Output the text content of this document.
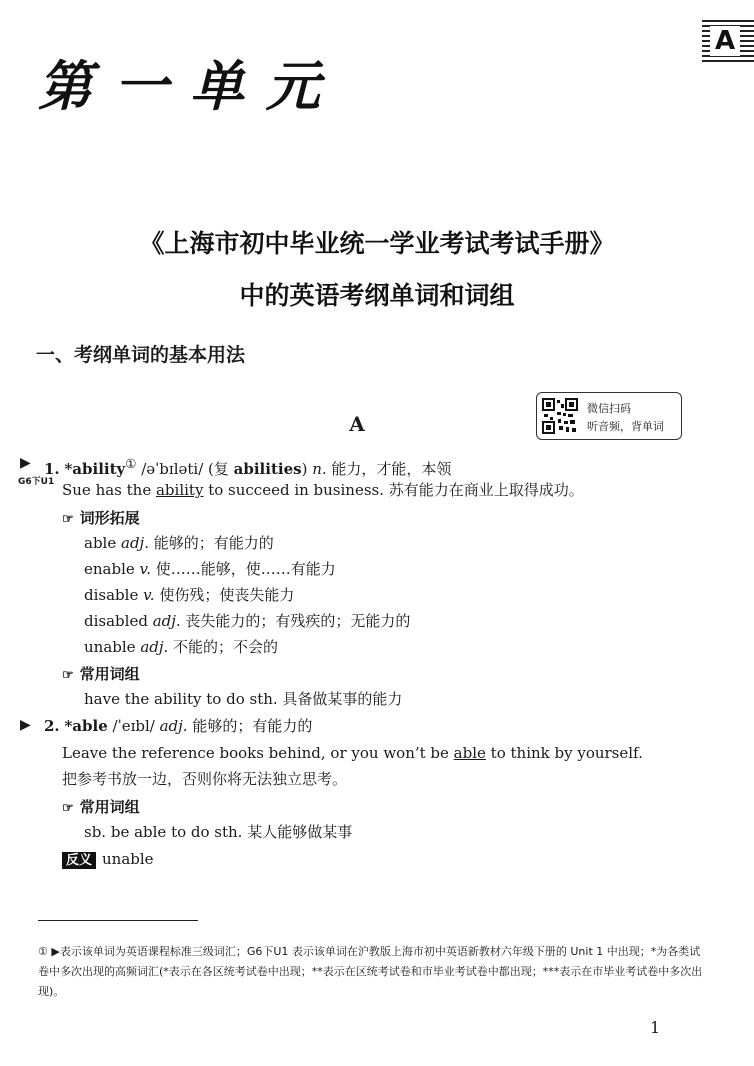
第一单元
A
《上海市初中毕业统一学业考试考试手册》
中的英语考纲单词和词组
一、考纲单词的基本用法
微信扫码
听音频，背单词
A
▶ 1. *ability① /əˈbɪləti/ (复 abilities) n. 能力，才能，本领
G6下U1 Sue has the ability to succeed in business. 苏有能力在商业上取得成功。
☞ 词形拓展
able adj. 能够的；有能力的
enable v. 使……能够，使……有能力
disable v. 使伤残；使丧失能力
disabled adj. 丧失能力的；有残疾的；无能力的
unable adj. 不能的；不会的
☞ 常用词组
have the ability to do sth. 具备做某事的能力
▶ 2. *able /ˈeɪbl/ adj. 能够的；有能力的
Leave the reference books behind, or you won’t be able to think by yourself.
把参考书放一边，否则你将无法独立思考。
☞ 常用词组
sb. be able to do sth. 某人能够做某事
反义 unable
① ▶表示该单词为英语课程标准三级词汇；G6下U1 表示该单词在沪教版上海市初中英语新教材六年级下册的 Unit 1 中出现；*为各类试卷中多次出现的高频词汇(*表示在各区统考试卷中出现；**表示在区统考试卷和市毕业考试卷中都出现；***表示在市毕业考试卷中多次出现)。
1
